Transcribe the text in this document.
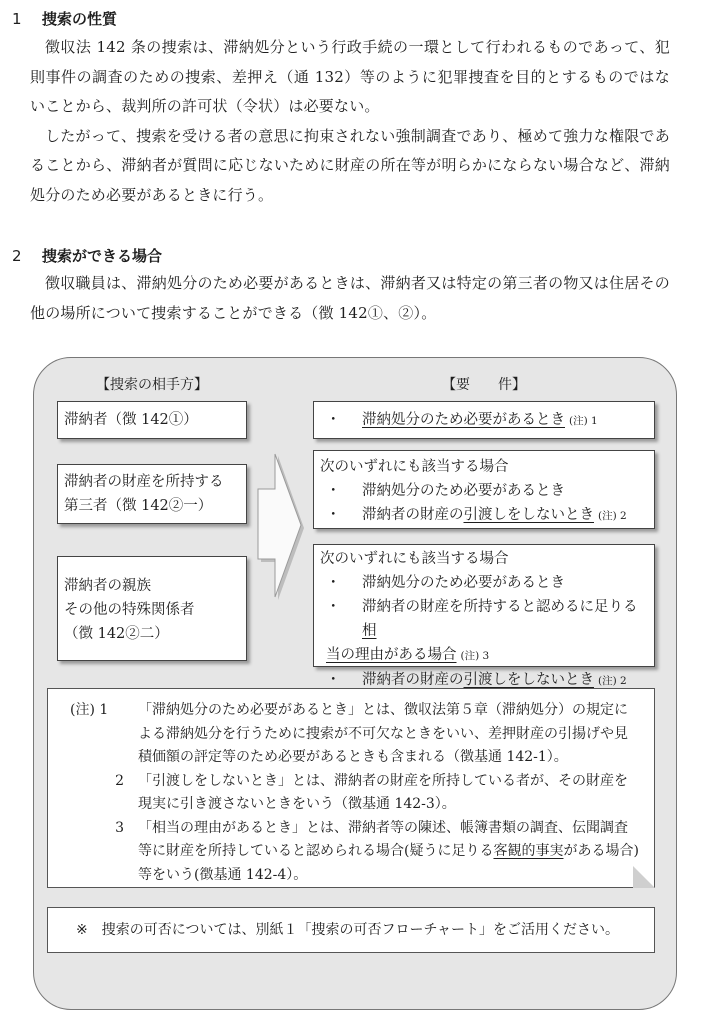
1 捜索の性質

徴収法 142 条の捜索は、滞納処分という行政手続の一環として行われるものであって、犯則事件の調査のための捜索、差押え（通 132）等のように犯罪捜査を目的とするものではないことから、裁判所の許可状（令状）は必要ない。

したがって、捜索を受ける者の意思に拘束されない強制調査であり、極めて強力な権限であることから、滞納者が質問に応じないために財産の所在等が明らかにならない場合など、滞納処分のため必要があるときに行う。

2 捜索ができる場合

徴収職員は、滞納処分のため必要があるときは、滞納者又は特定の第三者の物又は住居その他の場所について捜索することができる（徴 142①、②）。

【捜索の相手方】	【要　　件】
滞納者（徴 142①）
滞納者の財産を所持する
第三者（徴 142②一）
滞納者の親族
その他の特殊関係者
（徴 142②二）
・	滞納処分のため必要があるとき (注) 1
次のいずれにも該当する場合
・	滞納処分のため必要があるとき
・	滞納者の財産の引渡しをしないとき (注) 2
次のいずれにも該当する場合
・	滞納処分のため必要があるとき
・	滞納者の財産を所持すると認めるに足りる相
当の理由がある場合 (注) 3
・	滞納者の財産の引渡しをしないとき (注) 2
(注) 1	「滞納処分のため必要があるとき」とは、徴収法第５章（滞納処分）の規定による滞納処分を行うために捜索が不可欠なときをいい、差押財産の引揚げや見積価額の評定等のため必要があるときも含まれる（徴基通 142-1）。
2	「引渡しをしないとき」とは、滞納者の財産を所持している者が、その財産を現実に引き渡さないときをいう（徴基通 142-3）。
3	「相当の理由があるとき」とは、滞納者等の陳述、帳簿書類の調査、伝聞調査等に財産を所持していると認められる場合(疑うに足りる客観的事実がある場合)等をいう(徴基通 142-4）。
※ 捜索の可否については、別紙１「捜索の可否フローチャート」をご活用ください。
